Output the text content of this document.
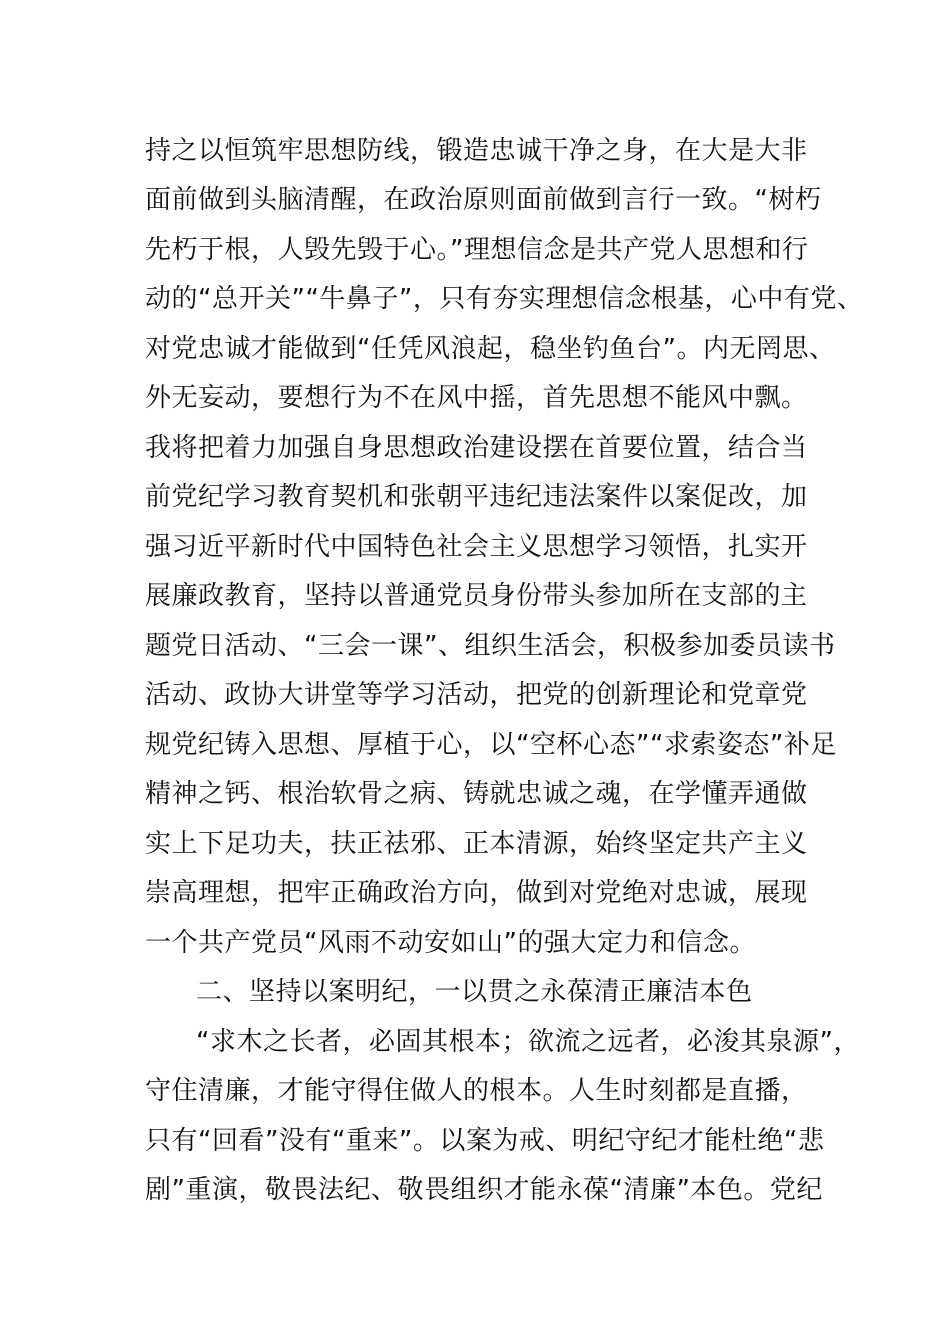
持之以恒筑牢思想防线，锻造忠诚干净之身，在大是大非
面前做到头脑清醒，在政治原则面前做到言行一致。“树朽
先朽于根，人毁先毁于心。”理想信念是共产党人思想和行
动的“总开关”“牛鼻子”，只有夯实理想信念根基，心中有党、
对党忠诚才能做到“任凭风浪起，稳坐钓鱼台”。内无罔思、
外无妄动，要想行为不在风中摇，首先思想不能风中飘。
我将把着力加强自身思想政治建设摆在首要位置，结合当
前党纪学习教育契机和张朝平违纪违法案件以案促改，加
强习近平新时代中国特色社会主义思想学习领悟，扎实开
展廉政教育，坚持以普通党员身份带头参加所在支部的主
题党日活动、“三会一课”、组织生活会，积极参加委员读书
活动、政协大讲堂等学习活动，把党的创新理论和党章党
规党纪铸入思想、厚植于心，以“空杯心态”“求索姿态”补足
精神之钙、根治软骨之病、铸就忠诚之魂，在学懂弄通做
实上下足功夫，扶正祛邪、正本清源，始终坚定共产主义
崇高理想，把牢正确政治方向，做到对党绝对忠诚，展现
一个共产党员“风雨不动安如山”的强大定力和信念。
二、坚持以案明纪，一以贯之永葆清正廉洁本色
“求木之长者，必固其根本；欲流之远者，必浚其泉源”，
守住清廉，才能守得住做人的根本。人生时刻都是直播，
只有“回看”没有“重来”。以案为戒、明纪守纪才能杜绝“悲
剧”重演，敬畏法纪、敬畏组织才能永葆“清廉”本色。党纪
